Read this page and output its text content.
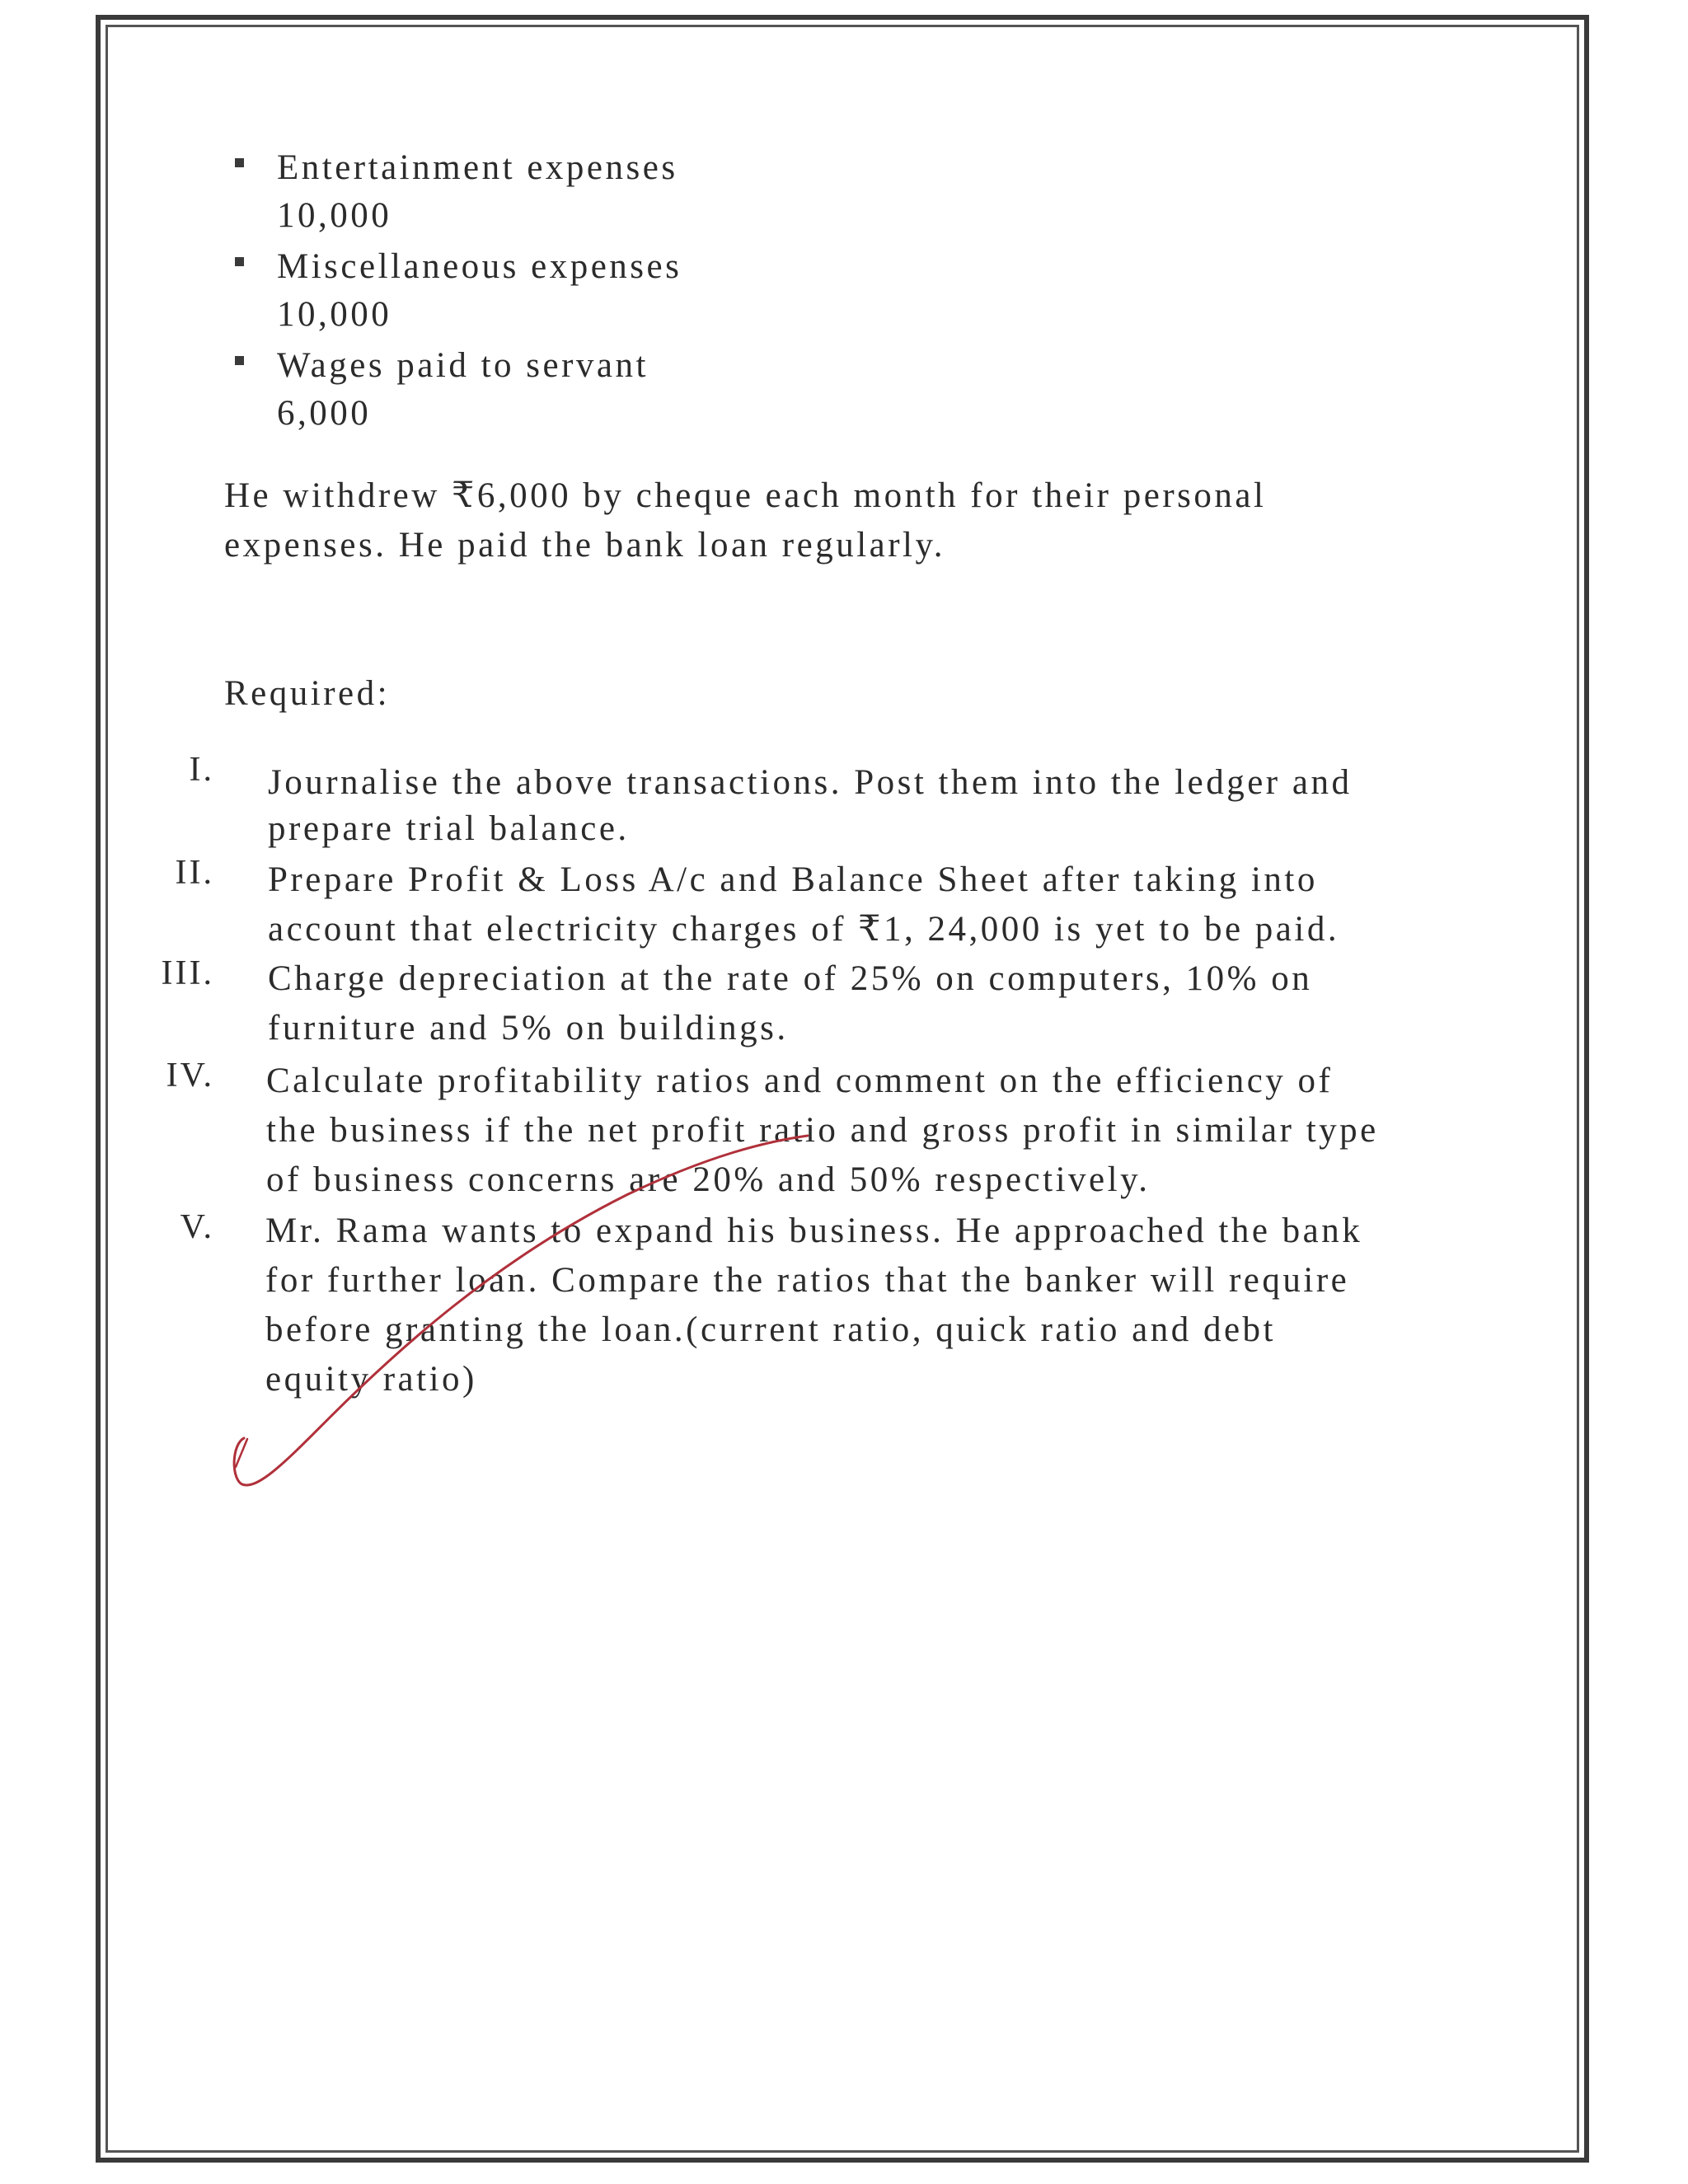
Entertainment expenses
10,000
Miscellaneous expenses
10,000
Wages paid to servant
6,000
He withdrew ₹6,000 by cheque each month for their personal
expenses. He paid the bank loan regularly.
Required:
I. Journalise the above transactions. Post them into the ledger and
prepare trial balance.
II. Prepare Profit & Loss A/c and Balance Sheet after taking into
account that electricity charges of ₹1, 24,000 is yet to be paid.
III. Charge depreciation at the rate of 25% on computers, 10% on
furniture and 5% on buildings.
IV. Calculate profitability ratios and comment on the efficiency of
the business if the net profit ratio and gross profit in similar type
of business concerns are 20% and 50% respectively.
V. Mr. Rama wants to expand his business. He approached the bank
for further loan. Compare the ratios that the banker will require
before granting the loan.(current ratio, quick ratio and debt
equity ratio)
